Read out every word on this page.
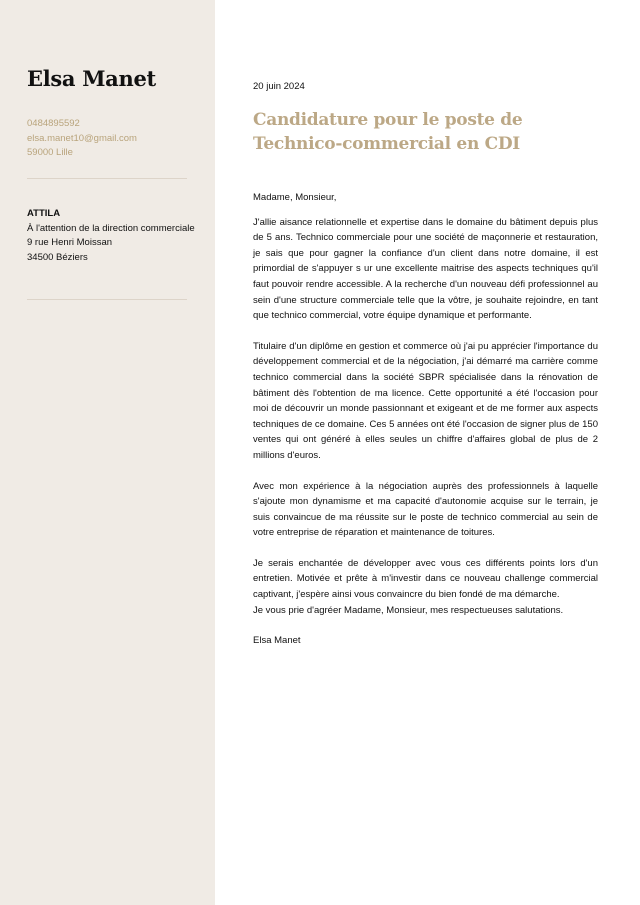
Elsa Manet
0484895592
elsa.manet10@gmail.com
59000 Lille
ATTILA
À l'attention de la direction commerciale
9 rue Henri Moissan
34500 Béziers
20 juin 2024
Candidature pour le poste de Technico-commercial en CDI

Madame, Monsieur,

J'allie aisance relationnelle et expertise dans le domaine du bâtiment depuis plus de 5 ans. Technico commerciale pour une société de maçonnerie et restauration, je sais que pour gagner la confiance d'un client dans notre domaine, il est primordial de s'appuyer s ur une excellente maitrise des aspects techniques qu'il faut pouvoir rendre accessible. A la recherche d'un nouveau défi professionnel au sein d'une structure commerciale telle que la vôtre, je souhaite rejoindre, en tant que technico commercial, votre équipe dynamique et performante.

Titulaire d'un diplôme en gestion et commerce où j'ai pu apprécier l'importance du développement commercial et de la négociation, j'ai démarré ma carrière comme technico commercial dans la société SBPR spécialisée dans la rénovation de bâtiment dès l'obtention de ma licence. Cette opportunité a été l'occasion pour moi de découvrir un monde passionnant et exigeant et de me former aux aspects techniques de ce domaine. Ces 5 années ont été l'occasion de signer plus de 150 ventes qui ont généré à elles seules un chiffre d'affaires global de plus de 2 millions d'euros.

Avec mon expérience à la négociation auprès des professionnels à laquelle s'ajoute mon dynamisme et ma capacité d'autonomie acquise sur le terrain, je suis convaincue de ma réussite sur le poste de technico commercial au sein de votre entreprise de réparation et maintenance de toitures.

Je serais enchantée de développer avec vous ces différents points lors d'un entretien. Motivée et prête à m'investir dans ce nouveau challenge commercial captivant, j'espère ainsi vous convaincre du bien fondé de ma démarche.

Je vous prie d'agréer Madame, Monsieur, mes respectueuses salutations.

Elsa Manet
